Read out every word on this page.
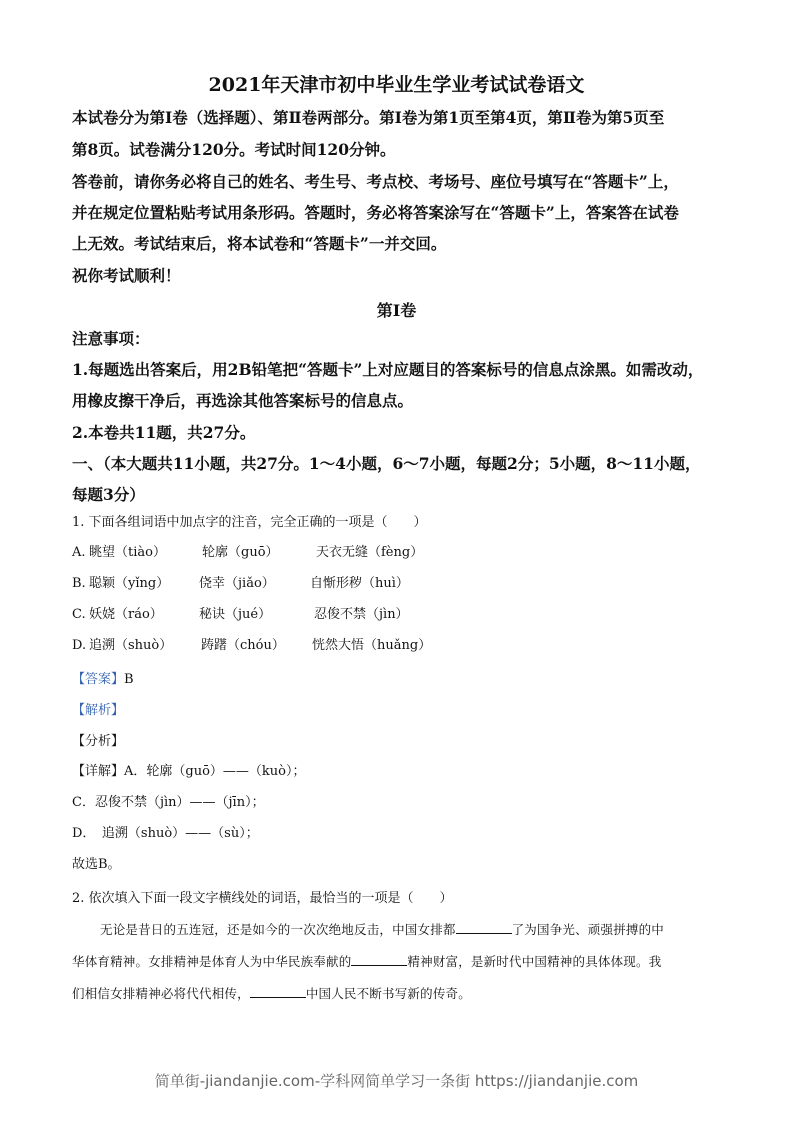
2021年天津市初中毕业生学业考试试卷语文
本试卷分为第Ⅰ卷（选择题）、第Ⅱ卷两部分。第Ⅰ卷为第1页至第4页，第Ⅱ卷为第5页至
第8页。试卷满分120分。考试时间120分钟。
答卷前，请你务必将自己的姓名、考生号、考点校、考场号、座位号填写在“答题卡”上，
并在规定位置粘贴考试用条形码。答题时，务必将答案涂写在“答题卡”上，答案答在试卷
上无效。考试结束后，将本试卷和“答题卡”一并交回。
祝你考试顺利！
第Ⅰ卷
注意事项：
1.每题选出答案后，用2B铅笔把“答题卡”上对应题目的答案标号的信息点涂黑。如需改动，
用橡皮擦干净后，再选涂其他答案标号的信息点。
2.本卷共11题，共27分。
一、（本大题共11小题，共27分。1～4小题，6～7小题，每题2分；5小题，8～11小题，
每题3分）
1. 下面各组词语中加点字的注音，完全正确的一项是（　　）
A. 眺望（tiào）	轮廓（guō）	天衣无缝（fèng）
B. 聪颖（yǐng） 侥幸（jiǎo）	自惭形秽（huì）
C. 妖娆（ráo）	秘诀（jué）	忍俊不禁（jìn）
D. 追溯（shuò） 踌躇（chóu） 恍然大悟（huǎng）
【答案】B
【解析】
【分析】
【详解】A．轮廓（guō）——（kuò）；
C．忍俊不禁（jìn）——（jīn）；
D．　追溯（shuò）——（sù）；
故选B。
2. 依次填入下面一段文字横线处的词语，最恰当的一项是（　　）
无论是昔日的五连冠，还是如今的一次次绝地反击，中国女排都	了为国争光、顽强拼搏的中
华体育精神。女排精神是体育人为中华民族奉献的	精神财富，是新时代中国精神的具体体现。我
们相信女排精神必将代代相传，	中国人民不断书写新的传奇。
简单街-jiandanjie.com-学科网简单学习一条街 https://jiandanjie.com
